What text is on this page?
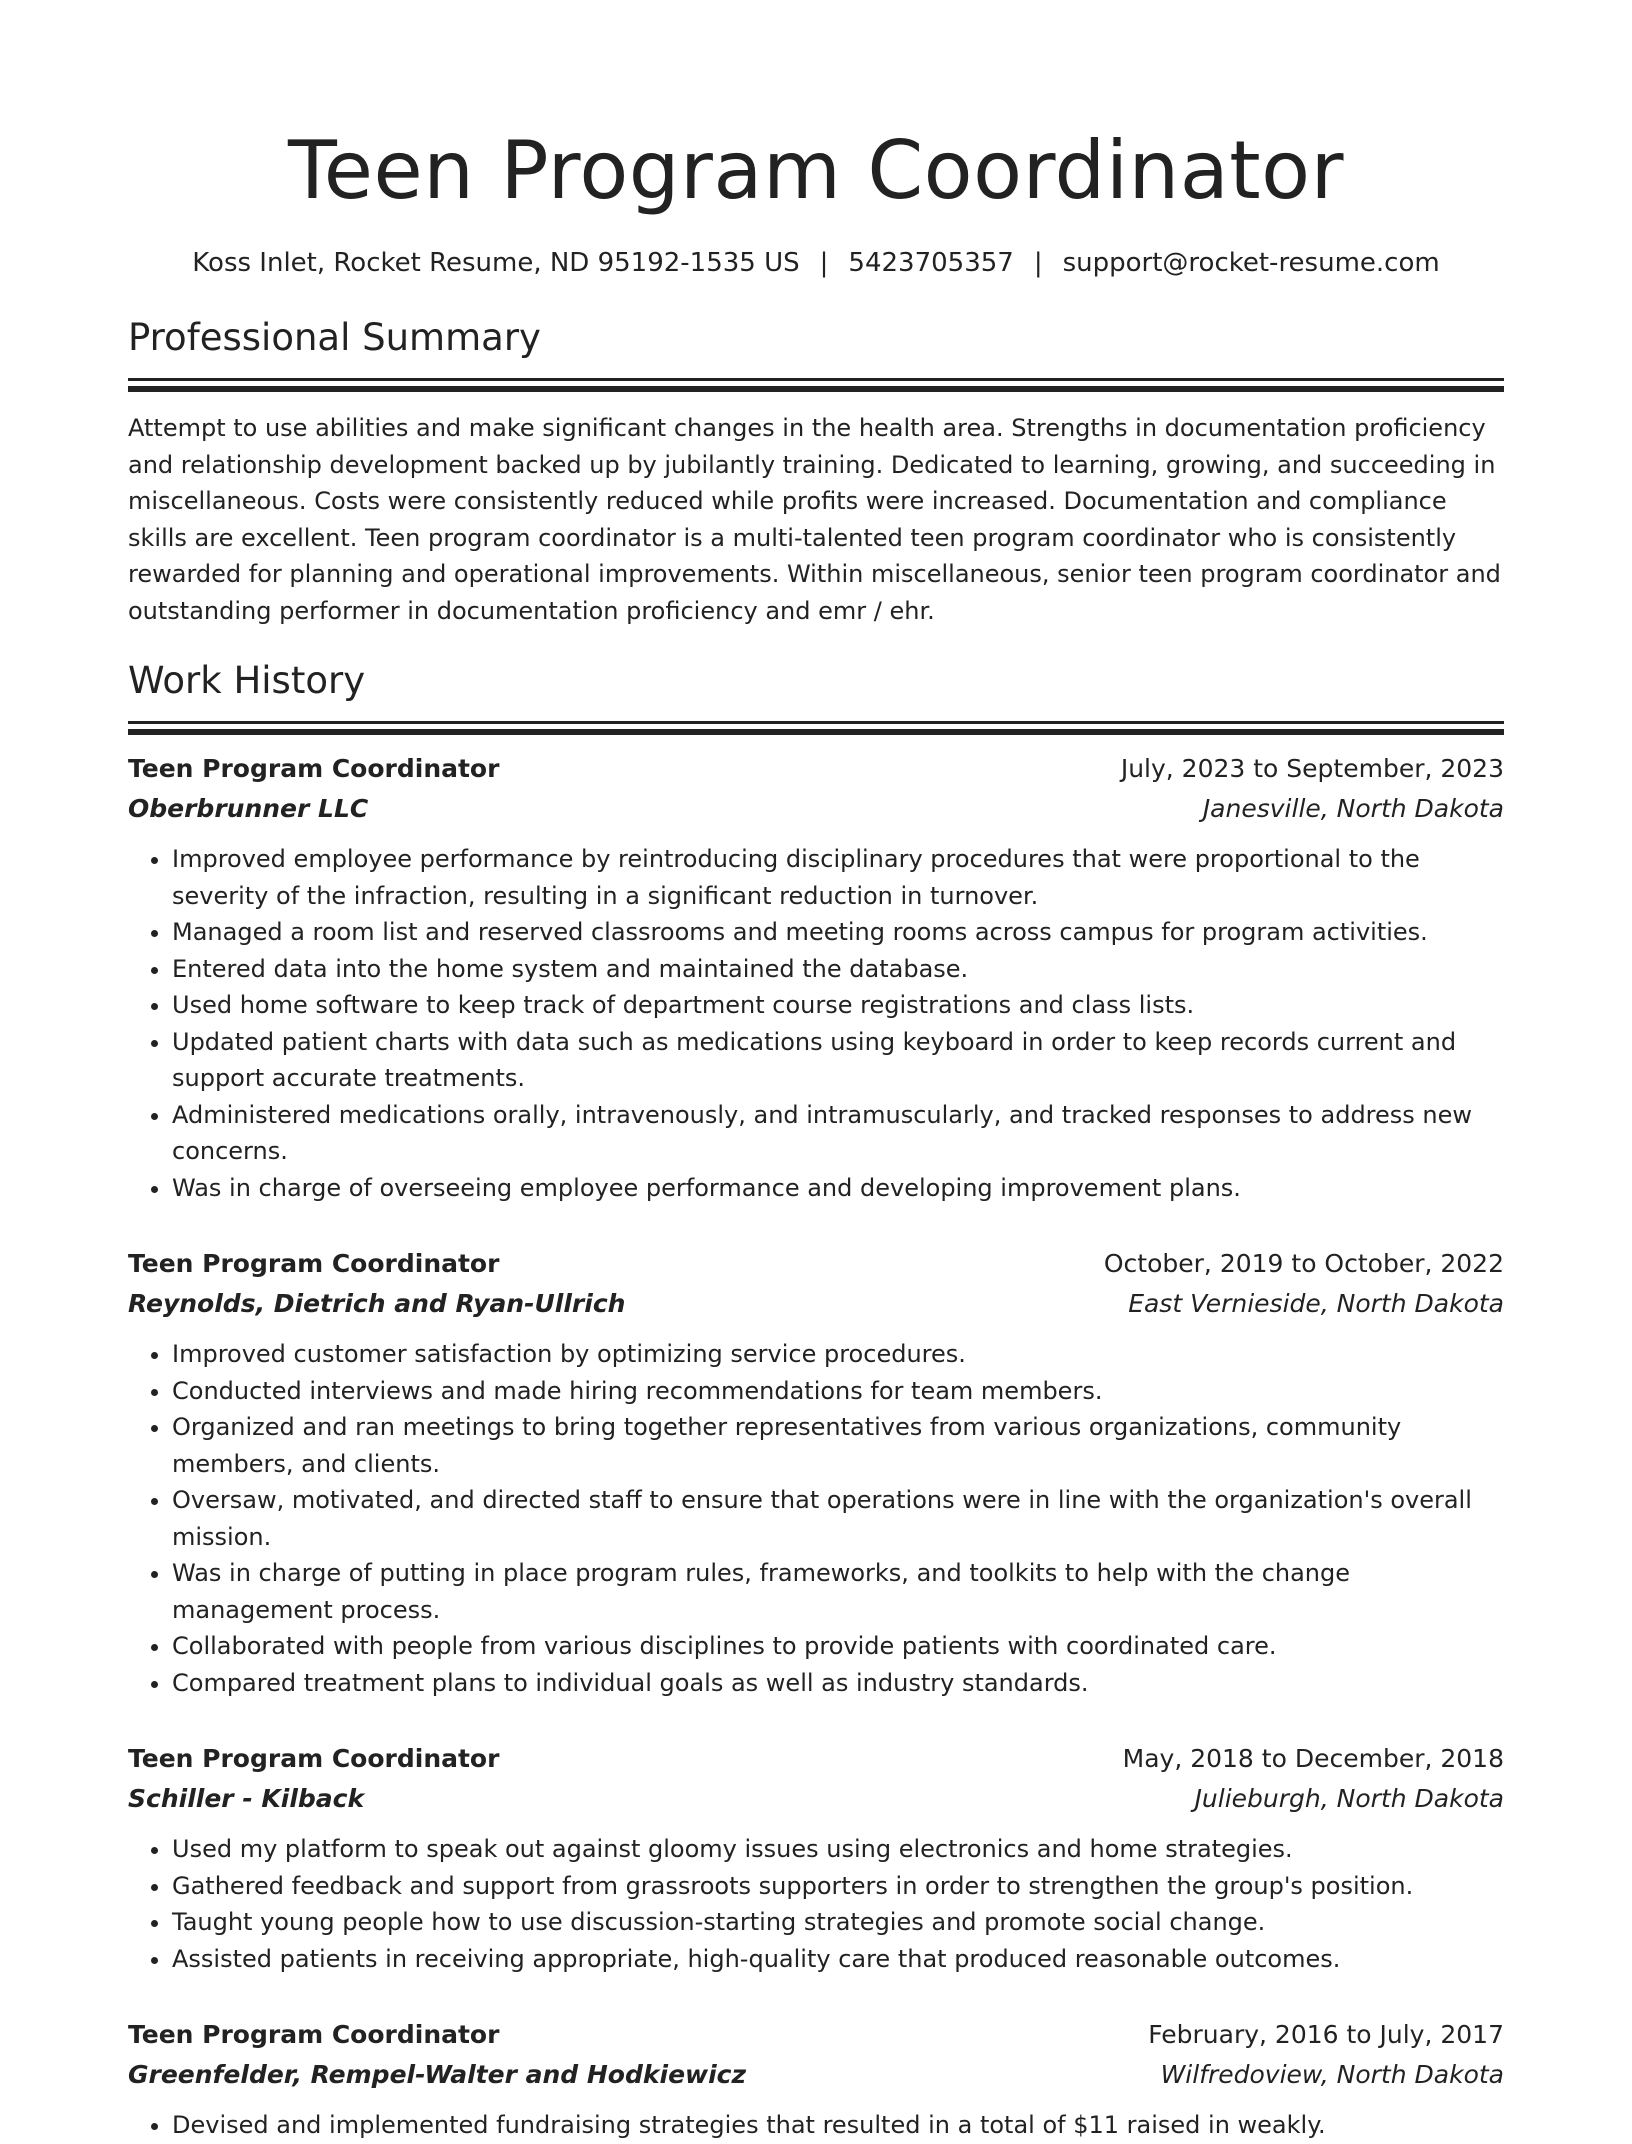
Teen Program Coordinator
Koss Inlet, Rocket Resume, ND 95192-1535 US | 5423705357 | support@rocket-resume.com
Professional Summary

Attempt to use abilities and make significant changes in the health area. Strengths in documentation proficiency and relationship development backed up by jubilantly training. Dedicated to learning, growing, and succeeding in miscellaneous. Costs were consistently reduced while profits were increased. Documentation and compliance skills are excellent. Teen program coordinator is a multi-talented teen program coordinator who is consistently rewarded for planning and operational improvements. Within miscellaneous, senior teen program coordinator and outstanding performer in documentation proficiency and emr / ehr.

Work History
Teen Program Coordinator	July, 2023 to September, 2023
Oberbrunner LLC	Janesville, North Dakota
• Improved employee performance by reintroducing disciplinary procedures that were proportional to the severity of the infraction, resulting in a significant reduction in turnover.
• Managed a room list and reserved classrooms and meeting rooms across campus for program activities.
• Entered data into the home system and maintained the database.
• Used home software to keep track of department course registrations and class lists.
• Updated patient charts with data such as medications using keyboard in order to keep records current and support accurate treatments.
• Administered medications orally, intravenously, and intramuscularly, and tracked responses to address new concerns.
• Was in charge of overseeing employee performance and developing improvement plans.
Teen Program Coordinator	October, 2019 to October, 2022
Reynolds, Dietrich and Ryan-Ullrich	East Vernieside, North Dakota
• Improved customer satisfaction by optimizing service procedures.
• Conducted interviews and made hiring recommendations for team members.
• Organized and ran meetings to bring together representatives from various organizations, community members, and clients.
• Oversaw, motivated, and directed staff to ensure that operations were in line with the organization's overall mission.
• Was in charge of putting in place program rules, frameworks, and toolkits to help with the change management process.
• Collaborated with people from various disciplines to provide patients with coordinated care.
• Compared treatment plans to individual goals as well as industry standards.
Teen Program Coordinator	May, 2018 to December, 2018
Schiller - Kilback	Julieburgh, North Dakota
• Used my platform to speak out against gloomy issues using electronics and home strategies.
• Gathered feedback and support from grassroots supporters in order to strengthen the group's position.
• Taught young people how to use discussion-starting strategies and promote social change.
• Assisted patients in receiving appropriate, high-quality care that produced reasonable outcomes.
Teen Program Coordinator	February, 2016 to July, 2017
Greenfelder, Rempel-Walter and Hodkiewicz	Wilfredoview, North Dakota
• Devised and implemented fundraising strategies that resulted in a total of $11 raised in weakly.
